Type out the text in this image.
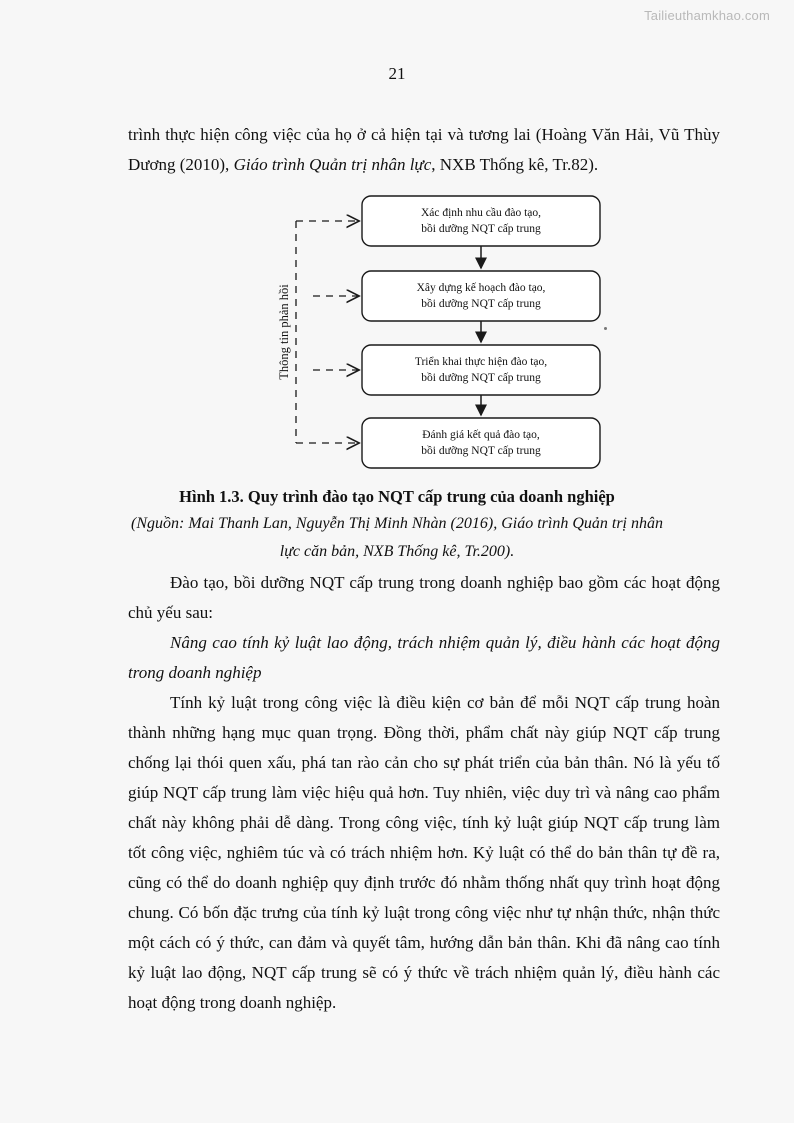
Tailieuthamkhao.com
21

trình thực hiện công việc của họ ở cả hiện tại và tương lai (Hoàng Văn Hải, Vũ Thùy Dương (2010), Giáo trình Quản trị nhân lực, NXB Thống kê, Tr.82).

Xác định nhu cầu đào tạo,
bồi dưỡng NQT cấp trung
Xây dựng kế hoạch đào tạo,
bồi dưỡng NQT cấp trung
Triển khai thực hiện đào tạo,
bồi dưỡng NQT cấp trung
Đánh giá kết quả đào tạo,
bồi dưỡng NQT cấp trung
Thông tin phản hồi
Hình 1.3. Quy trình đào tạo NQT cấp trung của doanh nghiệp
(Nguồn: Mai Thanh Lan, Nguyễn Thị Minh Nhàn (2016), Giáo trình Quản trị nhân
lực căn bản, NXB Thống kê, Tr.200).

Đào tạo, bồi dưỡng NQT cấp trung trong doanh nghiệp bao gồm các hoạt động chủ yếu sau:

Nâng cao tính kỷ luật lao động, trách nhiệm quản lý, điều hành các hoạt động trong doanh nghiệp

Tính kỷ luật trong công việc là điều kiện cơ bản để mỗi NQT cấp trung hoàn thành những hạng mục quan trọng. Đồng thời, phẩm chất này giúp NQT cấp trung chống lại thói quen xấu, phá tan rào cản cho sự phát triển của bản thân. Nó là yếu tố giúp NQT cấp trung làm việc hiệu quả hơn. Tuy nhiên, việc duy trì và nâng cao phẩm chất này không phải dễ dàng. Trong công việc, tính kỷ luật giúp NQT cấp trung làm tốt công việc, nghiêm túc và có trách nhiệm hơn. Kỷ luật có thể do bản thân tự đề ra, cũng có thể do doanh nghiệp quy định trước đó nhằm thống nhất quy trình hoạt động chung. Có bốn đặc trưng của tính kỷ luật trong công việc như tự nhận thức, nhận thức một cách có ý thức, can đảm và quyết tâm, hướng dẫn bản thân. Khi đã nâng cao tính kỷ luật lao động, NQT cấp trung sẽ có ý thức về trách nhiệm quản lý, điều hành các hoạt động trong doanh nghiệp.
